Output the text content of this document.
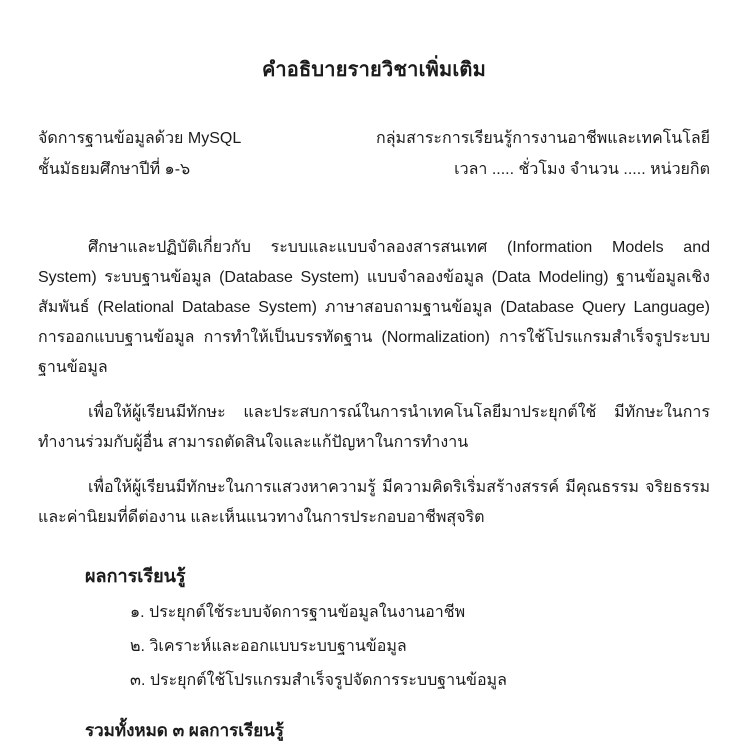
คำอธิบายรายวิชาเพิ่มเติม
จัดการฐานข้อมูลด้วย MySQL	กลุ่มสาระการเรียนรู้การงานอาชีพและเทคโนโลยี
ชั้นมัธยมศึกษาปีที่ ๑-๖	เวลา ..... ชั่วโมง จำนวน ..... หน่วยกิต

ศึกษาและปฏิบัติเกี่ยวกับ ระบบและแบบจำลองสารสนเทศ (Information Models and System) ระบบฐานข้อมูล (Database System) แบบจำลองข้อมูล (Data Modeling) ฐานข้อมูลเชิงสัมพันธ์ (Relational Database System) ภาษาสอบถามฐานข้อมูล (Database Query Language) การออกแบบฐานข้อมูล การทำให้เป็นบรรทัดฐาน (Normalization) การใช้โปรแกรมสำเร็จรูประบบฐานข้อมูล

เพื่อให้ผู้เรียนมีทักษะ และประสบการณ์ในการนำเทคโนโลยีมาประยุกต์ใช้ มีทักษะในการทำงานร่วมกับผู้อื่น สามารถตัดสินใจและแก้ปัญหาในการทำงาน

เพื่อให้ผู้เรียนมีทักษะในการแสวงหาความรู้ มีความคิดริเริ่มสร้างสรรค์ มีคุณธรรม จริยธรรม และค่านิยมที่ดีต่องาน และเห็นแนวทางในการประกอบอาชีพสุจริต

ผลการเรียนรู้
๑. ประยุกต์ใช้ระบบจัดการฐานข้อมูลในงานอาชีพ
๒. วิเคราะห์และออกแบบระบบฐานข้อมูล
๓. ประยุกต์ใช้โปรแกรมสำเร็จรูปจัดการระบบฐานข้อมูล
รวมทั้งหมด ๓ ผลการเรียนรู้
